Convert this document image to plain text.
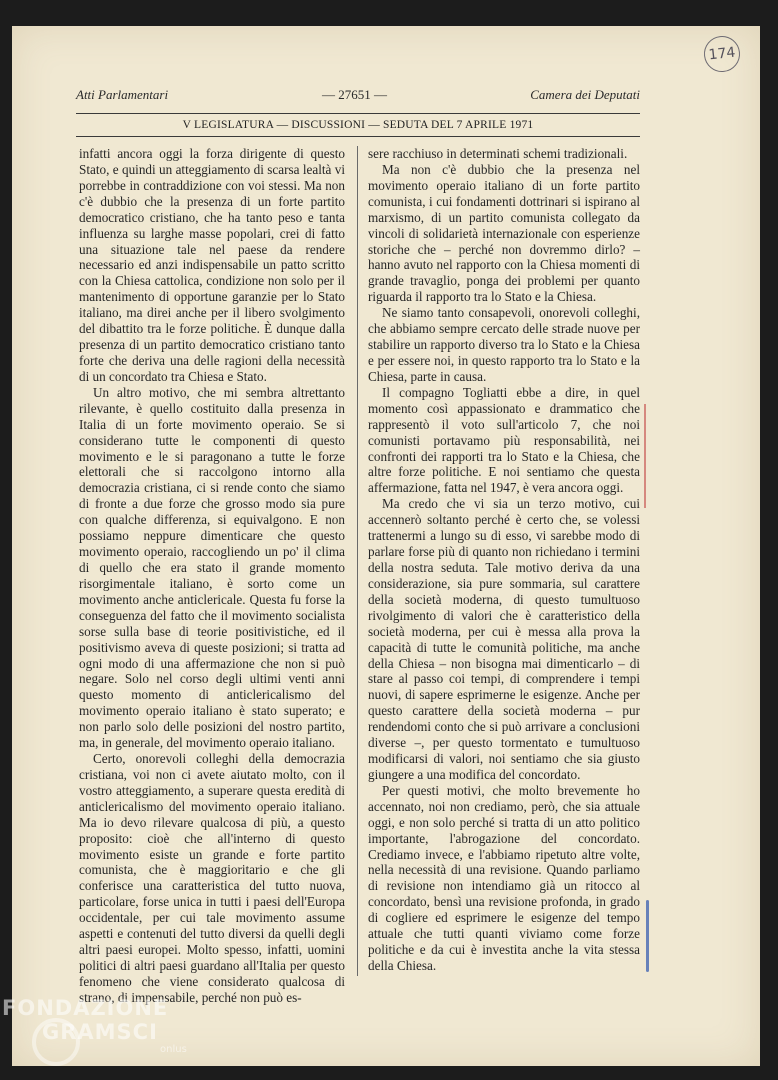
174
Atti Parlamentari	— 27651 —	Camera dei Deputati
V LEGISLATURA — DISCUSSIONI — SEDUTA DEL 7 APRILE 1971

infatti ancora oggi la forza dirigente di questo Stato, e quindi un atteggiamento di scarsa lealtà vi porrebbe in contraddizione con voi stessi. Ma non c'è dubbio che la presenza di un forte partito democratico cristiano, che ha tanto peso e tanta influenza su larghe masse popolari, crei di fatto una situazione tale nel paese da rendere necessario ed anzi indispensabile un patto scritto con la Chiesa cattolica, condizione non solo per il mantenimento di opportune garanzie per lo Stato italiano, ma direi anche per il libero svolgimento del dibattito tra le forze politiche. È dunque dalla presenza di un partito democratico cristiano tanto forte che deriva una delle ragioni della necessità di un concordato tra Chiesa e Stato.

Un altro motivo, che mi sembra altrettanto rilevante, è quello costituito dalla presenza in Italia di un forte movimento operaio. Se si considerano tutte le componenti di questo movimento e le si paragonano a tutte le forze elettorali che si raccolgono intorno alla democrazia cristiana, ci si rende conto che siamo di fronte a due forze che grosso modo sia pure con qualche differenza, si equivalgono. E non possiamo neppure dimenticare che questo movimento operaio, raccogliendo un po' il clima di quello che era stato il grande momento risorgimentale italiano, è sorto come un movimento anche anticlericale. Questa fu forse la conseguenza del fatto che il movimento socialista sorse sulla base di teorie positivistiche, ed il positivismo aveva di queste posizioni; si tratta ad ogni modo di una affermazione che non si può negare. Solo nel corso degli ultimi venti anni questo momento di anticlericalismo del movimento operaio italiano è stato superato; e non parlo solo delle posizioni del nostro partito, ma, in generale, del movimento operaio italiano.

Certo, onorevoli colleghi della democrazia cristiana, voi non ci avete aiutato molto, con il vostro atteggiamento, a superare questa eredità di anticlericalismo del movimento operaio italiano. Ma io devo rilevare qualcosa di più, a questo proposito: cioè che all'interno di questo movimento esiste un grande e forte partito comunista, che è maggioritario e che gli conferisce una caratteristica del tutto nuova, particolare, forse unica in tutti i paesi dell'Europa occidentale, per cui tale movimento assume aspetti e contenuti del tutto diversi da quelli degli altri paesi europei. Molto spesso, infatti, uomini politici di altri paesi guardano all'Italia per questo fenomeno che viene considerato qualcosa di strano, di impensabile, perché non può es-

sere racchiuso in determinati schemi tradizionali.

Ma non c'è dubbio che la presenza nel movimento operaio italiano di un forte partito comunista, i cui fondamenti dottrinari si ispirano al marxismo, di un partito comunista collegato da vincoli di solidarietà internazionale con esperienze storiche che – perché non dovremmo dirlo? – hanno avuto nel rapporto con la Chiesa momenti di grande travaglio, ponga dei problemi per quanto riguarda il rapporto tra lo Stato e la Chiesa.

Ne siamo tanto consapevoli, onorevoli colleghi, che abbiamo sempre cercato delle strade nuove per stabilire un rapporto diverso tra lo Stato e la Chiesa e per essere noi, in questo rapporto tra lo Stato e la Chiesa, parte in causa.

Il compagno Togliatti ebbe a dire, in quel momento così appassionato e drammatico che rappresentò il voto sull'articolo 7, che noi comunisti portavamo più responsabilità, nei confronti dei rapporti tra lo Stato e la Chiesa, che altre forze politiche. E noi sentiamo che questa affermazione, fatta nel 1947, è vera ancora oggi.

Ma credo che vi sia un terzo motivo, cui accennerò soltanto perché è certo che, se volessi trattenermi a lungo su di esso, vi sarebbe modo di parlare forse più di quanto non richiedano i termini della nostra seduta. Tale motivo deriva da una considerazione, sia pure sommaria, sul carattere della società moderna, di questo tumultuoso rivolgimento di valori che è caratteristico della società moderna, per cui è messa alla prova la capacità di tutte le comunità politiche, ma anche della Chiesa – non bisogna mai dimenticarlo – di stare al passo coi tempi, di comprendere i tempi nuovi, di sapere esprimerne le esigenze. Anche per questo carattere della società moderna – pur rendendomi conto che si può arrivare a conclusioni diverse –, per questo tormentato e tumultuoso modificarsi di valori, noi sentiamo che sia giusto giungere a una modifica del concordato.

Per questi motivi, che molto brevemente ho accennato, noi non crediamo, però, che sia attuale oggi, e non solo perché si tratta di un atto politico importante, l'abrogazione del concordato. Crediamo invece, e l'abbiamo ripetuto altre volte, nella necessità di una revisione. Quando parliamo di revisione non intendiamo già un ritocco al concordato, bensì una revisione profonda, in grado di cogliere ed esprimere le esigenze del tempo attuale che tutti quanti viviamo come forze politiche e da cui è investita anche la vita stessa della Chiesa.

FONDAZIONE
GRAMSCI
onlus
